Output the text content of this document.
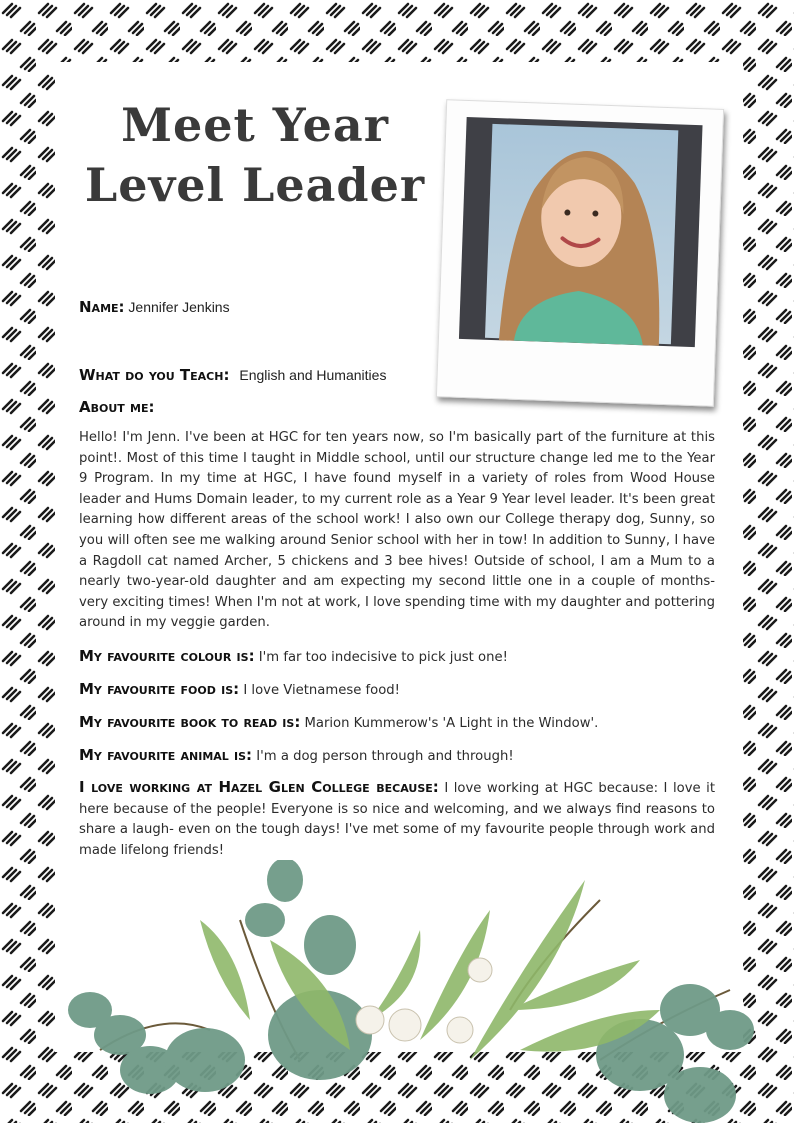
Meet Year
Level Leader

Name: Jennifer Jenkins

What do you Teach: English and Humanities

About me:

Hello! I'm Jenn. I've been at HGC for ten years now, so I'm basically part of the furniture at this point!. Most of this time I taught in Middle school, until our structure change led me to the Year 9 Program. In my time at HGC, I have found myself in a variety of roles from Wood House leader and Hums Domain leader, to my current role as a Year 9 Year level leader. It's been great learning how different areas of the school work! I also own our College therapy dog, Sunny, so you will often see me walking around Senior school with her in tow! In addition to Sunny, I have a Ragdoll cat named Archer, 5 chickens and 3 bee hives! Outside of school, I am a Mum to a nearly two-year-old daughter and am expecting my second little one in a couple of months- very exciting times! When I'm not at work, I love spending time with my daughter and pottering around in my veggie garden.

My favourite colour is: I'm far too indecisive to pick just one!

My favourite food is: I love Vietnamese food!

My favourite book to read is: Marion Kummerow's 'A Light in the Window'.

My favourite animal is: I'm a dog person through and through!

I love working at Hazel Glen College because: I love working at HGC because: I love it here because of the people! Everyone is so nice and welcoming, and we always find reasons to share a laugh- even on the tough days! I've met some of my favourite people through work and made lifelong friends!
